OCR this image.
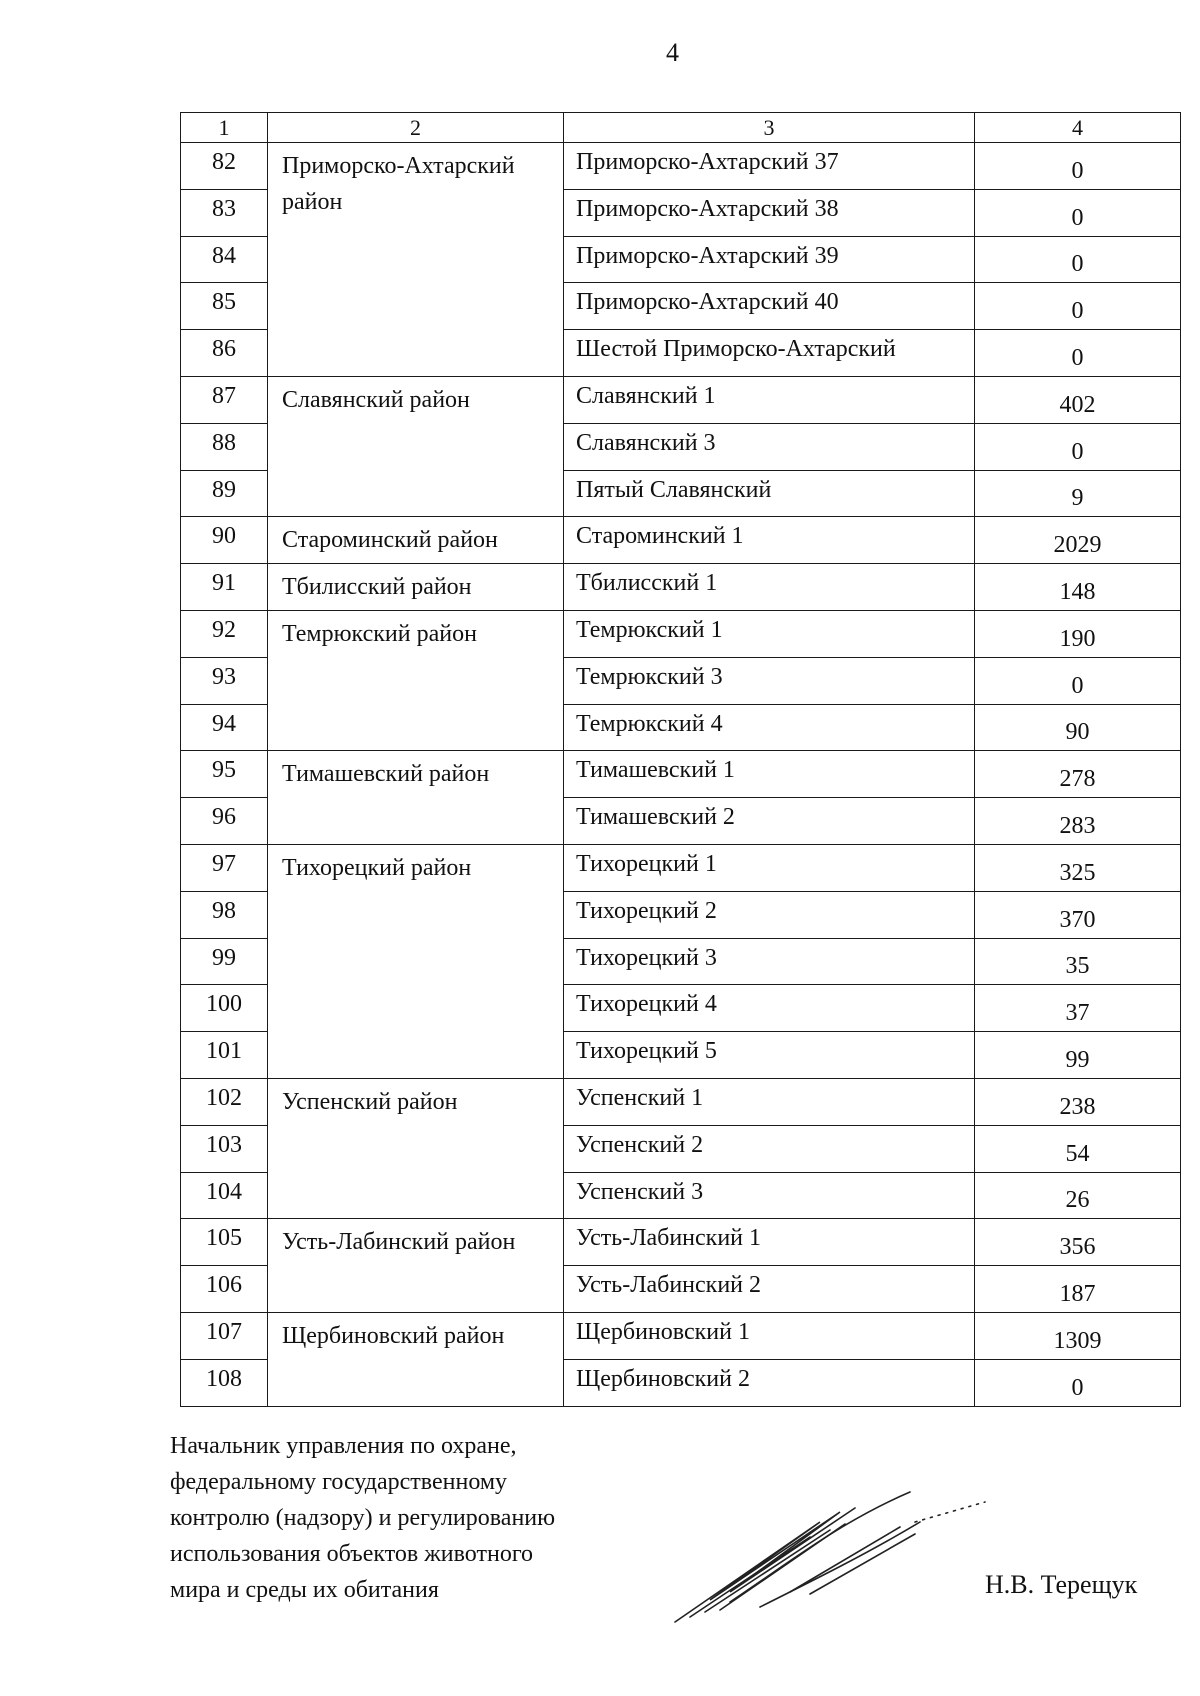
4
1	2	3	4
82	Приморско-Ахтарский район	Приморско-Ахтарский 37	0
83		Приморско-Ахтарский 38	0
84		Приморско-Ахтарский 39	0
85		Приморско-Ахтарский 40	0
86		Шестой Приморско-Ахтарский	0
87	Славянский район	Славянский 1	402
88		Славянский 3	0
89		Пятый Славянский	9
90	Староминский район	Староминский 1	2029
91	Тбилисский район	Тбилисский 1	148
92	Темрюкский район	Темрюкский 1	190
93		Темрюкский 3	0
94		Темрюкский 4	90
95	Тимашевский район	Тимашевский 1	278
96		Тимашевский 2	283
97	Тихорецкий район	Тихорецкий 1	325
98		Тихорецкий 2	370
99		Тихорецкий 3	35
100		Тихорецкий 4	37
101		Тихорецкий 5	99
102	Успенский район	Успенский 1	238
103		Успенский 2	54
104		Успенский 3	26
105	Усть-Лабинский район	Усть-Лабинский 1	356
106		Усть-Лабинский 2	187
107	Щербиновский район	Щербиновский 1	1309
108		Щербиновский 2	0
Начальник управления по охране,
федеральному государственному
контролю (надзору) и регулированию
использования объектов животного
мира и среды их обитания	Н.В. Терещук
